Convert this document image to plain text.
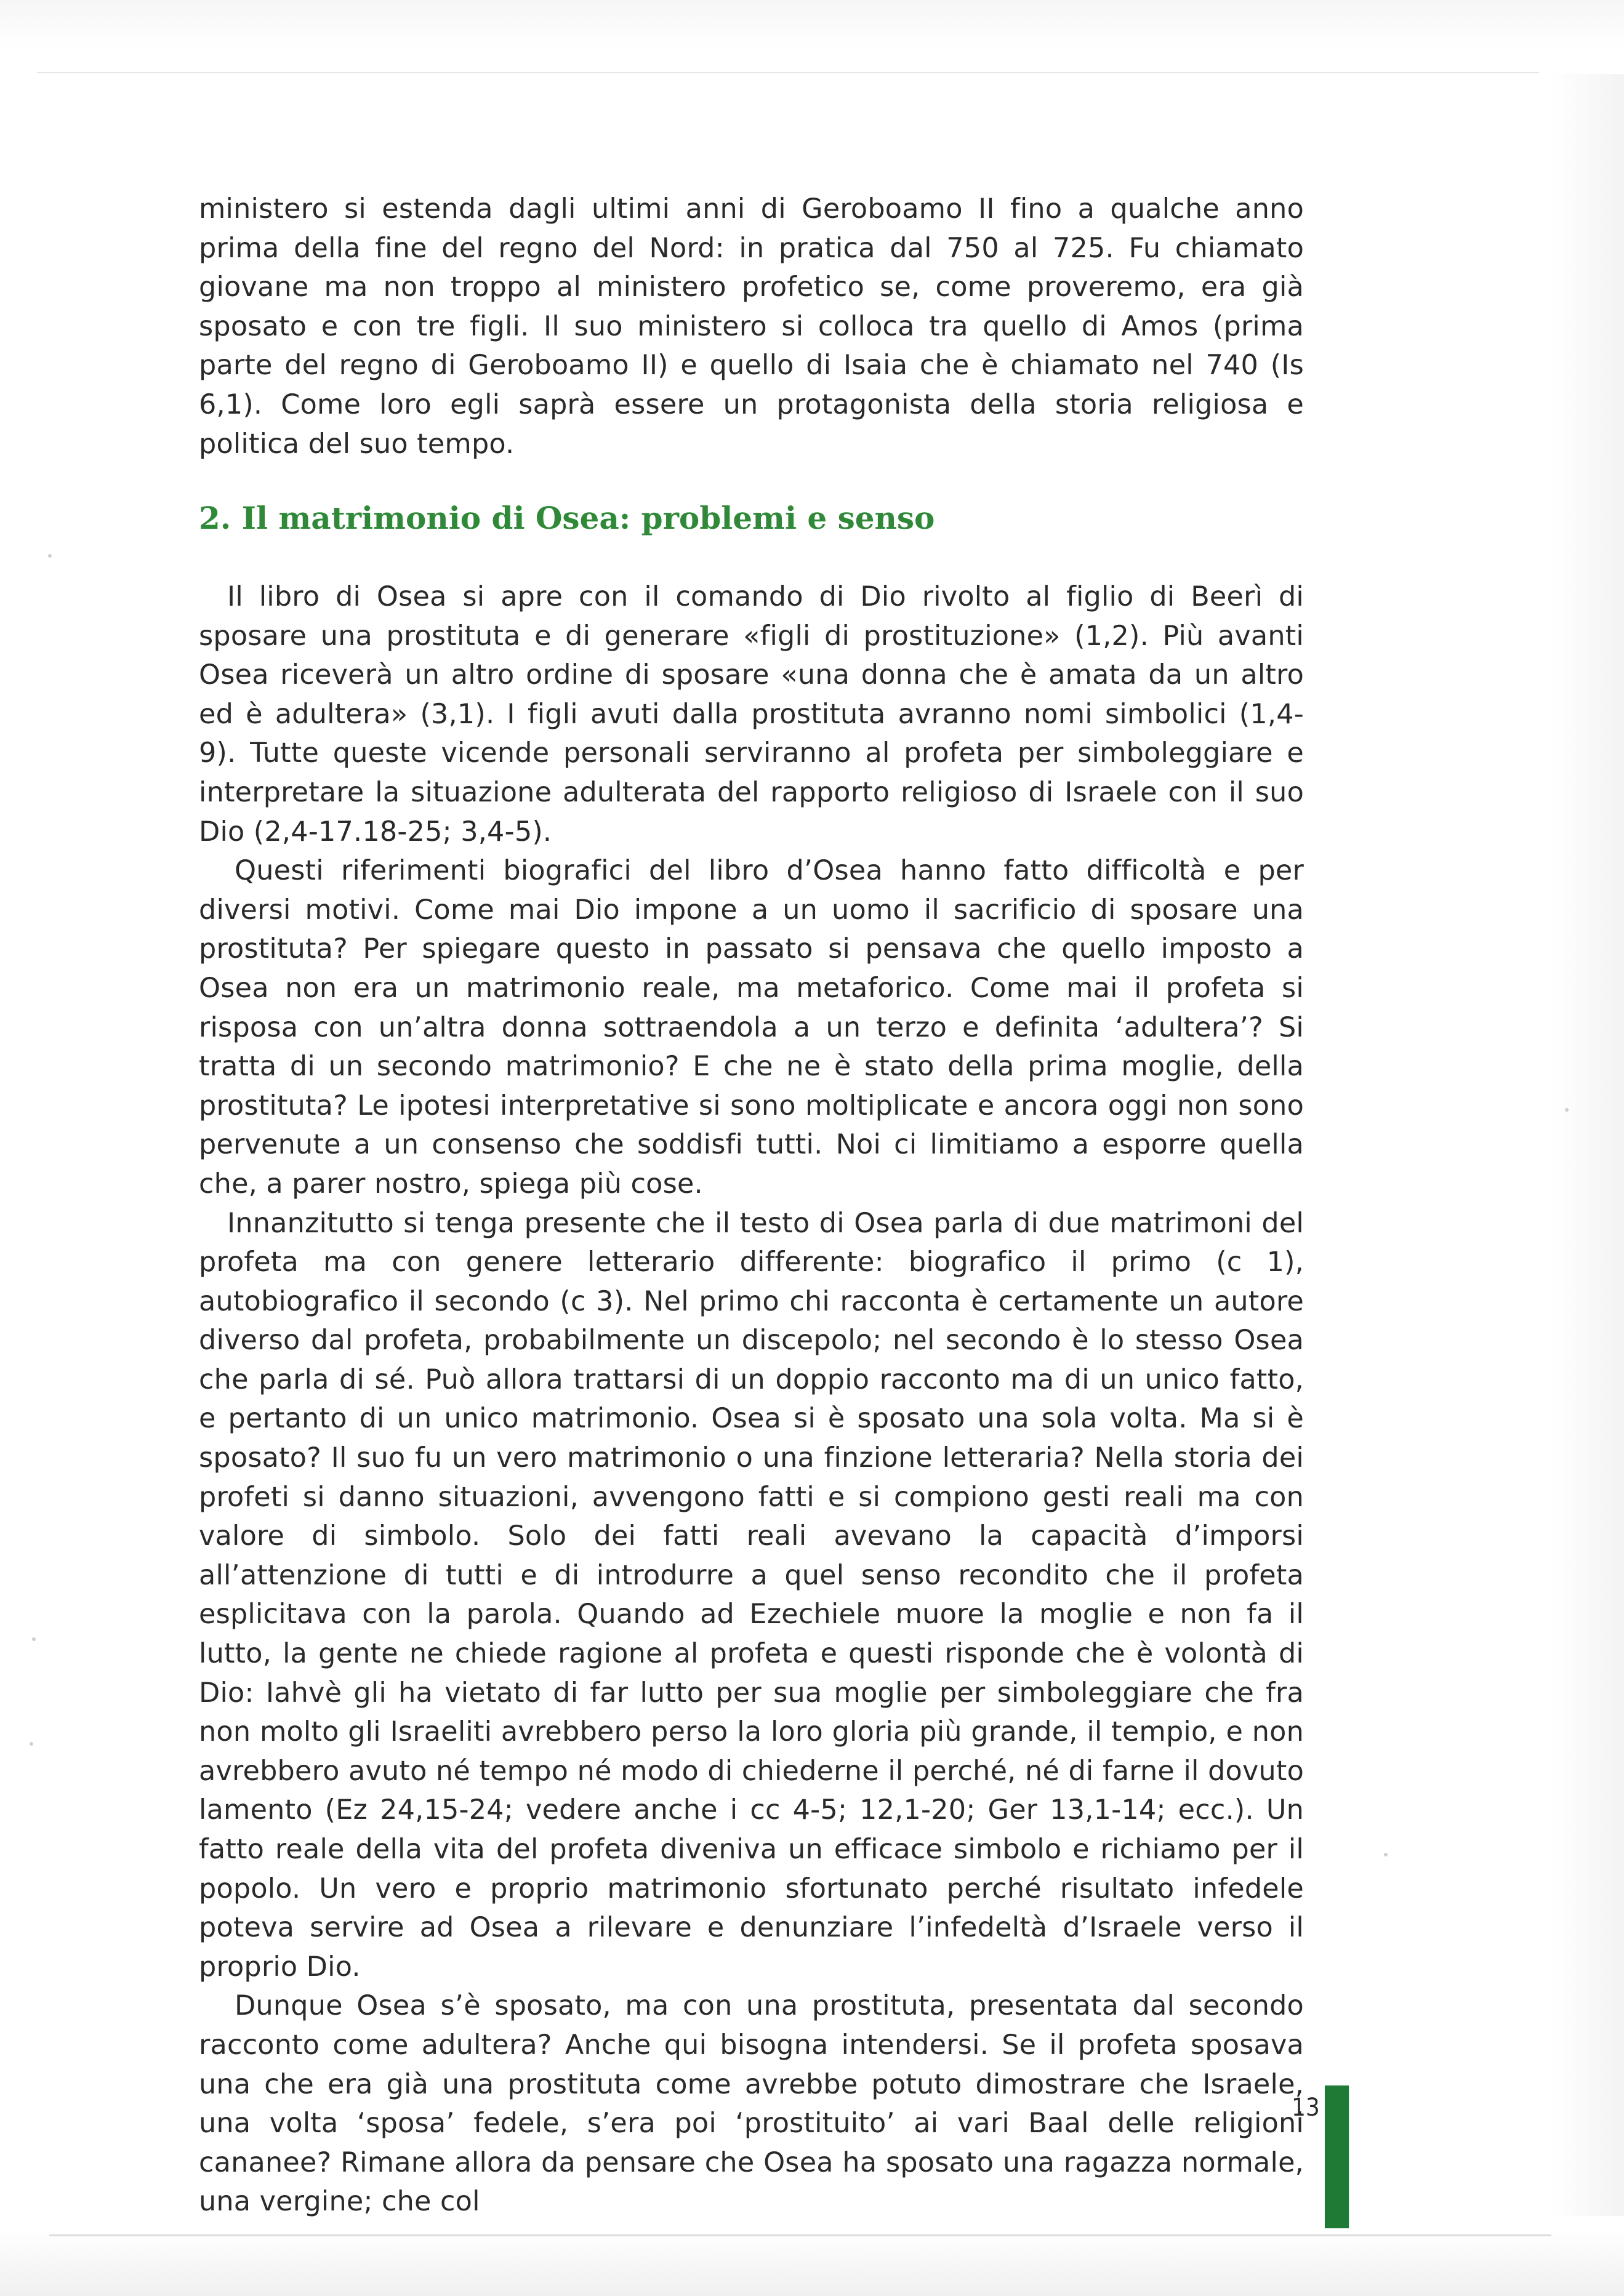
ministero si estenda dagli ultimi anni di Geroboamo II fino a qualche anno prima della fine del regno del Nord: in pratica dal 750 al 725. Fu chiamato giovane ma non troppo al ministero profetico se, come proveremo, era già sposato e con tre figli. Il suo ministero si colloca tra quello di Amos (prima parte del regno di Geroboamo II) e quello di Isaia che è chiamato nel 740 (Is 6,1). Come loro egli saprà essere un protagonista della storia religiosa e politica del suo tempo.

2. Il matrimonio di Osea: problemi e senso

Il libro di Osea si apre con il comando di Dio rivolto al figlio di Beerì di sposare una prostituta e di generare «figli di prostituzione» (1,2). Più avanti Osea riceverà un altro ordine di sposare «una donna che è amata da un altro ed è adultera» (3,1). I figli avuti dalla prostituta avranno nomi simbolici (1,4- 9). Tutte queste vicende personali serviranno al profeta per simboleggiare e interpretare la situazione adulterata del rapporto religioso di Israele con il suo Dio (2,4-17.18-25; 3,4-5).

Questi riferimenti biografici del libro d’Osea hanno fatto difficoltà e per diversi motivi. Come mai Dio impone a un uomo il sacrificio di sposare una prostituta? Per spiegare questo in passato si pensava che quello imposto a Osea non era un matrimonio reale, ma metaforico. Come mai il profeta si risposa con un’altra donna sottraendola a un terzo e definita ‘adultera’? Si tratta di un secondo matrimonio? E che ne è stato della prima moglie, della prostituta? Le ipotesi interpretative si sono moltiplicate e ancora oggi non sono pervenute a un consenso che soddisfi tutti. Noi ci limitiamo a esporre quella che, a parer nostro, spiega più cose.

Innanzitutto si tenga presente che il testo di Osea parla di due matrimoni del profeta ma con genere letterario differente: biografico il primo (c 1), autobiografico il secondo (c 3). Nel primo chi racconta è certamente un autore diverso dal profeta, probabilmente un discepolo; nel secondo è lo stesso Osea che parla di sé. Può allora trattarsi di un doppio racconto ma di un unico fatto, e pertanto di un unico matrimonio. Osea si è sposato una sola volta. Ma si è sposato? Il suo fu un vero matrimonio o una finzione letteraria? Nella storia dei profeti si danno situazioni, avvengono fatti e si compiono gesti reali ma con valore di simbolo. Solo dei fatti reali avevano la capacità d’imporsi all’attenzione di tutti e di introdurre a quel senso recondito che il profeta esplicitava con la parola. Quando ad Ezechiele muore la moglie e non fa il lutto, la gente ne chiede ragione al profeta e questi risponde che è volontà di Dio: Iahvè gli ha vietato di far lutto per sua moglie per simboleggiare che fra non molto gli Israeliti avrebbero perso la loro gloria più grande, il tempio, e non avrebbero avuto né tempo né modo di chiederne il perché, né di farne il dovuto lamento (Ez 24,15-24; vedere anche i cc 4-5; 12,1-20; Ger 13,1-14; ecc.). Un fatto reale della vita del profeta diveniva un efficace simbolo e richiamo per il popolo. Un vero e proprio matrimonio sfortunato perché risultato infedele poteva servire ad Osea a rilevare e denunziare l’infedeltà d’Israele verso il proprio Dio.

Dunque Osea s’è sposato, ma con una prostituta, presentata dal secondo racconto come adultera? Anche qui bisogna intendersi. Se il profeta sposava una che era già una prostituta come avrebbe potuto dimostrare che Israele, una volta ‘sposa’ fedele, s’era poi ‘prostituito’ ai vari Baal delle religioni cananee? Rimane allora da pensare che Osea ha sposato una ragazza normale, una vergine; che col

13
